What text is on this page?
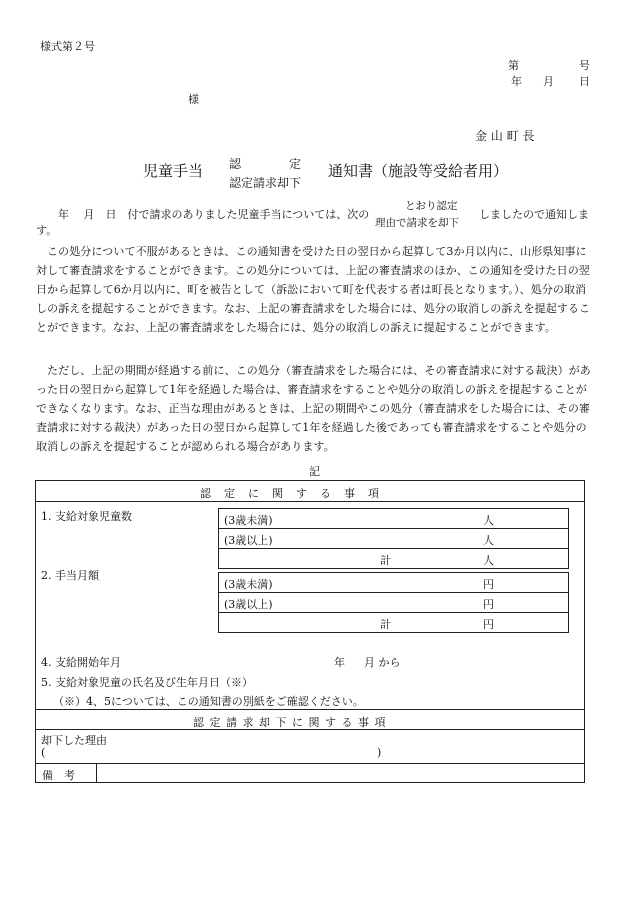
様式第２号
第	号
年 月 日
様
金 山 町 長
児童手当 認　　　　定
認定請求却下
通知書（施設等受給者用）
年　 月　日　付で請求のありました児童手当については、次の
とおり認定
理由で請求を却下
しましたので通知しま
す。
この処分について不服があるときは、この通知書を受けた日の翌日から起算して3か月以内に、山形県知事に対して審査請求をすることができます。この処分については、上記の審査請求のほか、この通知を受けた日の翌日から起算して6か月以内に、町を被告として（訴訟において町を代表する者は町長となります。）、処分の取消しの訴えを提起することができます。なお、上記の審査請求をした場合には、処分の取消しの訴えを提起することができます。なお、上記の審査請求をした場合には、処分の取消しの訴えに提起することができます。
ただし、上記の期間が経過する前に、この処分（審査請求をした場合には、その審査請求に対する裁決）があった日の翌日から起算して1年を経過した場合は、審査請求をすることや処分の取消しの訴えを提起することができなくなります。なお、正当な理由があるときは、上記の期間やこの処分（審査請求をした場合には、その審査請求に対する裁決）があった日の翌日から起算して1年を経過した後であっても審査請求をすることや処分の取消しの訴えを提起することが認められる場合があります。
記
認　定　に　関　す　る　事　項
1. 支給対象児童数	(3歳未満)	人
(3歳以上)	人
計	人
2. 手当月額
(3歳未満)	円
(3歳以上)	円
計	円
4. 支給開始年月	年 月 から
5. 支給対象児童の氏名及び生年月日（※）
（※）4、5については、この通知書の別紙をご確認ください。
認 定 請 求 却 下 に 関 す る 事 項
却下した理由
(	)
備　考
